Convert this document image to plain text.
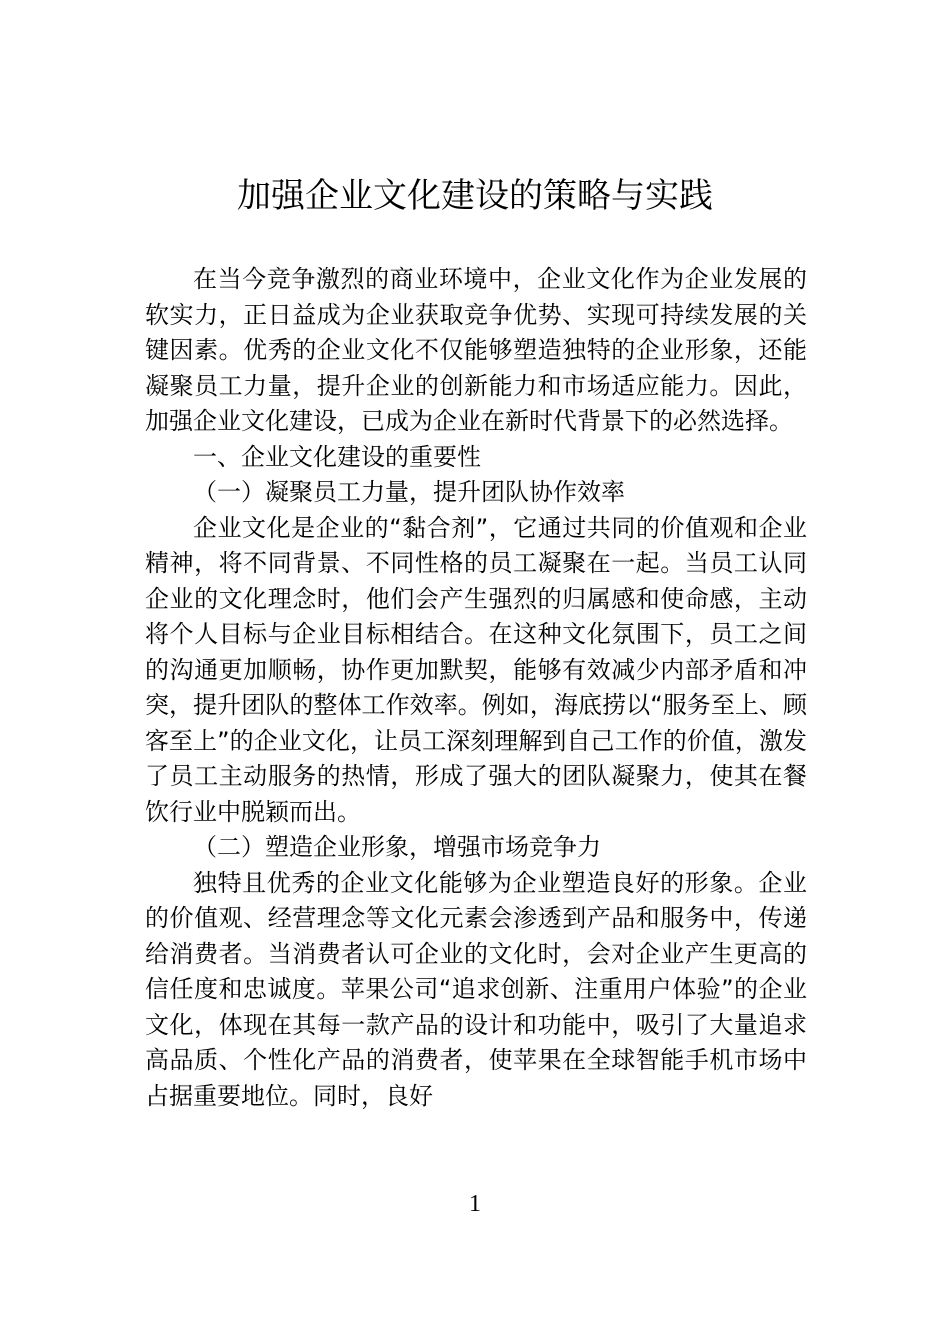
加强企业文化建设的策略与实践

在当今竞争激烈的商业环境中，企业文化作为企业发展的软实力，正日益成为企业获取竞争优势、实现可持续发展的关键因素。优秀的企业文化不仅能够塑造独特的企业形象，还能凝聚员工力量，提升企业的创新能力和市场适应能力。因此，加强企业文化建设，已成为企业在新时代背景下的必然选择。

一、企业文化建设的重要性

（一）凝聚员工力量，提升团队协作效率

企业文化是企业的“黏合剂”，它通过共同的价值观和企业精神，将不同背景、不同性格的员工凝聚在一起。当员工认同企业的文化理念时，他们会产生强烈的归属感和使命感，主动将个人目标与企业目标相结合。在这种文化氛围下，员工之间的沟通更加顺畅，协作更加默契，能够有效减少内部矛盾和冲突，提升团队的整体工作效率。例如，海底捞以“服务至上、顾客至上”的企业文化，让员工深刻理解到自己工作的价值，激发了员工主动服务的热情，形成了强大的团队凝聚力，使其在餐饮行业中脱颖而出。

（二）塑造企业形象，增强市场竞争力

独特且优秀的企业文化能够为企业塑造良好的形象。企业的价值观、经营理念等文化元素会渗透到产品和服务中，传递给消费者。当消费者认可企业的文化时，会对企业产生更高的信任度和忠诚度。苹果公司“追求创新、注重用户体验”的企业文化，体现在其每一款产品的设计和功能中，吸引了大量追求高品质、个性化产品的消费者，使苹果在全球智能手机市场中占据重要地位。同时，良好

1
